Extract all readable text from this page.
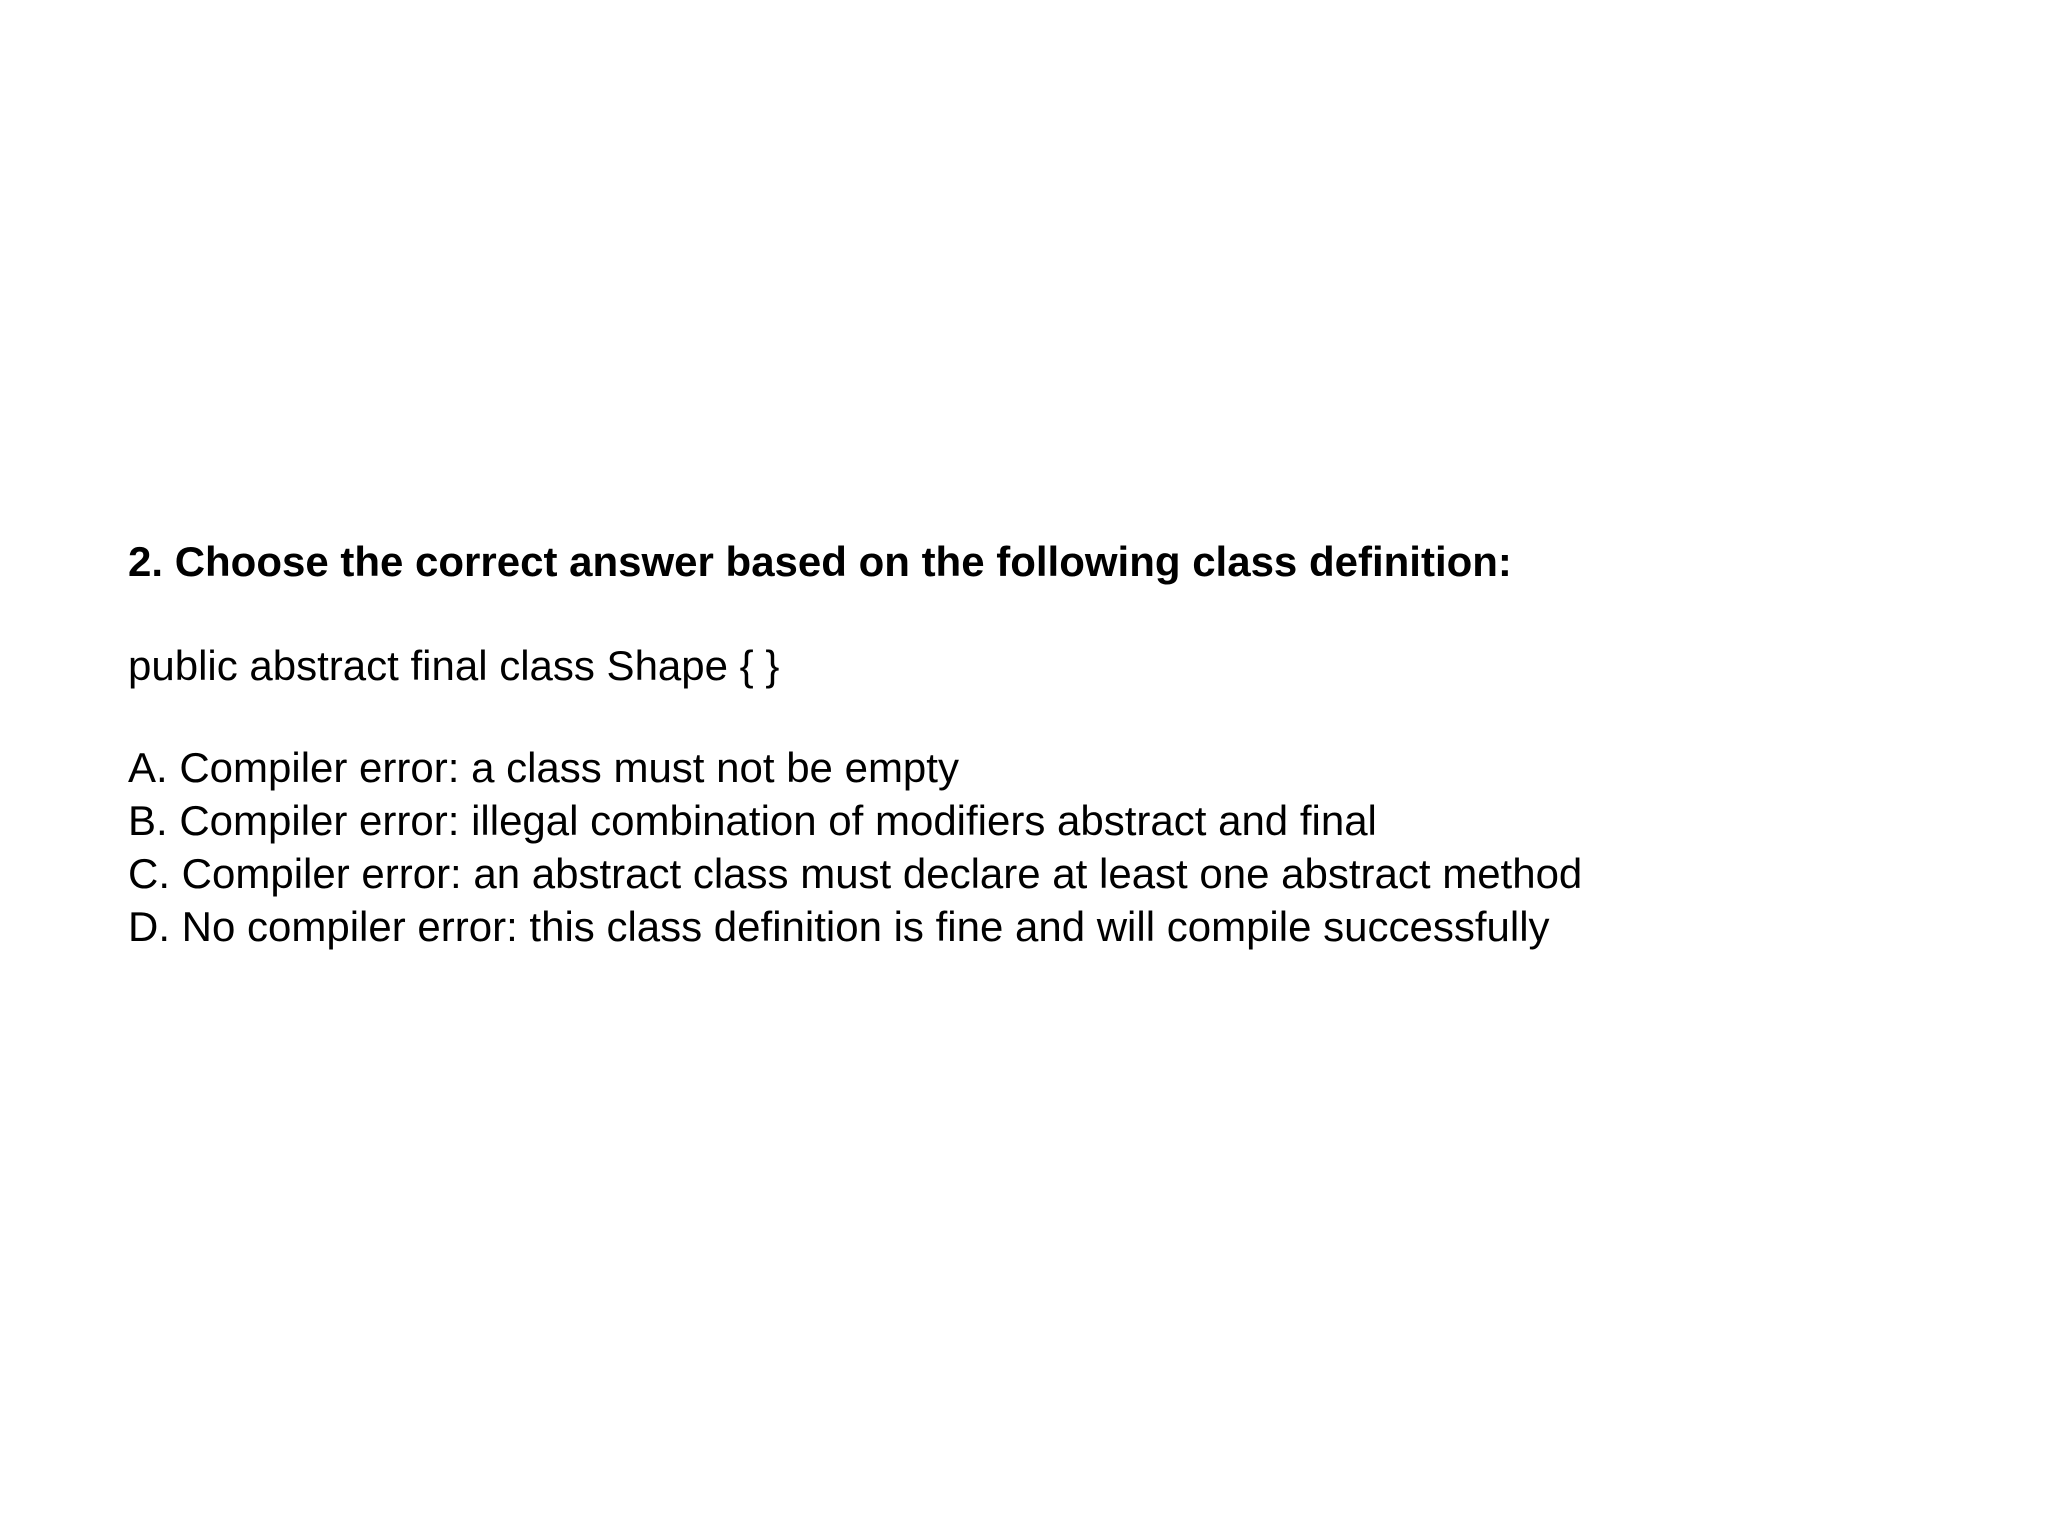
2. Choose the correct answer based on the following class definition:

public abstract final class Shape { }

A. Compiler error: a class must not be empty
B. Compiler error: illegal combination of modifiers abstract and final
C. Compiler error: an abstract class must declare at least one abstract method
D. No compiler error: this class definition is fine and will compile successfully
